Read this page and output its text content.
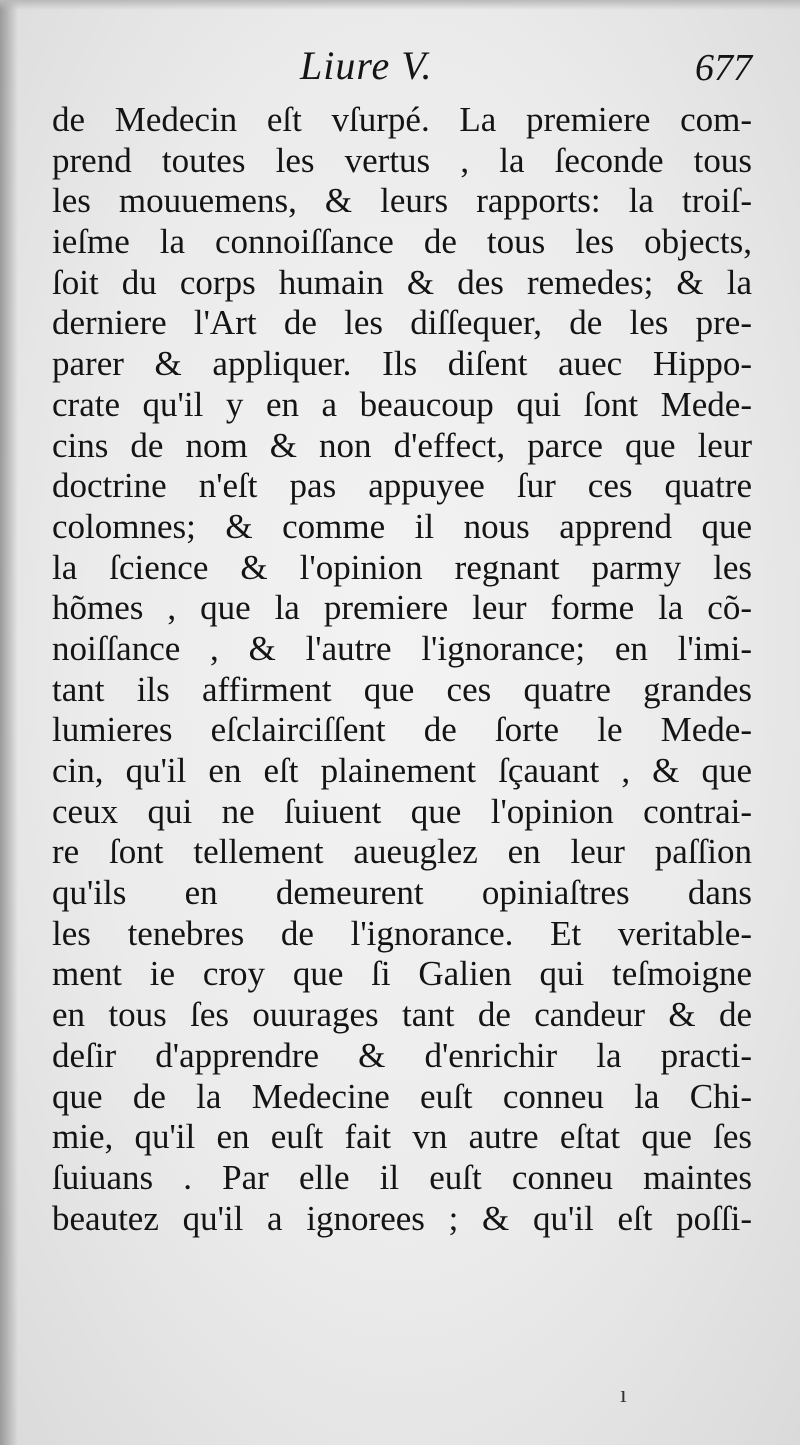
Liure V.	677
de Medecin eſt vſurpé. La premiere com-
prend toutes les vertus , la ſeconde tous
les mouuemens, & leurs rapports: la troiſ-
ieſme la connoiſſance de tous les objects,
ſoit du corps humain & des remedes; & la
derniere l'Art de les diſſequer, de les pre-
parer & appliquer. Ils diſent auec Hippo-
crate qu'il y en a beaucoup qui ſont Mede-
cins de nom & non d'effect, parce que leur
doctrine n'eſt pas appuyee ſur ces quatre
colomnes; & comme il nous apprend que
la ſcience & l'opinion regnant parmy les
hõmes , que la premiere leur forme la cõ-
noiſſance , & l'autre l'ignorance; en l'imi-
tant ils affirment que ces quatre grandes
lumieres eſclairciſſent de ſorte le Mede-
cin, qu'il en eſt plainement ſçauant , & que
ceux qui ne ſuiuent que l'opinion contrai-
re ſont tellement aueuglez en leur paſſion
qu'ils en demeurent opiniaſtres dans
les tenebres de l'ignorance. Et veritable-
ment ie croy que ſi Galien qui teſmoigne
en tous ſes ouurages tant de candeur & de
deſir d'apprendre & d'enrichir la practi-
que de la Medecine euſt conneu la Chi-
mie, qu'il en euſt fait vn autre eſtat que ſes
ſuiuans . Par elle il euſt conneu maintes
beautez qu'il a ignorees ; & qu'il eſt poſſi-
ı
